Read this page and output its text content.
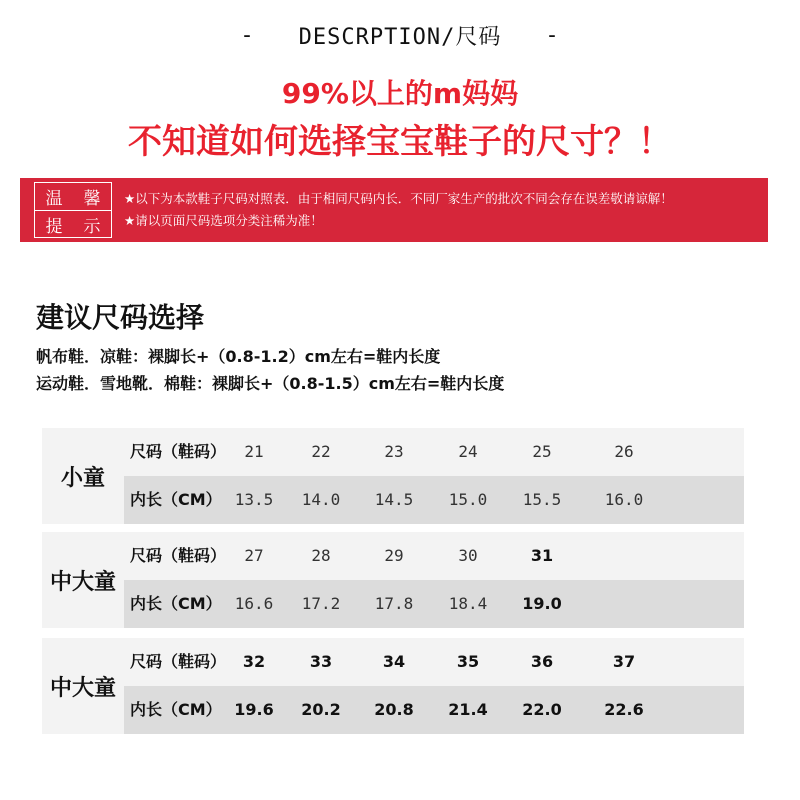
- DESCRPTION/尺码 -
99%以上的m妈妈
不知道如何选择宝宝鞋子的尺寸？！
温 馨
提 示
★以下为本款鞋子尺码对照表．由于相同尺码内长．不同厂家生产的批次不同会存在误差敬请谅解！
★请以页面尺码选项分类注稀为准！
建议尺码选择
帆布鞋．凉鞋：裸脚长+（0.8-1.2）cm左右=鞋内长度
运动鞋．雪地靴．棉鞋：裸脚长+（0.8-1.5）cm左右=鞋内长度
小童
尺码（鞋码）	21	22	23	24	25	26
内长（CM） 13.5	14.0	14.5	15.0	15.5	16.0
中大童
尺码（鞋码）	27	28	29	30	31
内长（CM） 16.6	17.2	17.8	18.4	19.0
中大童
尺码（鞋码）	32	33	34	35	36	37
内长（CM） 19.6	20.2	20.8	21.4	22.0	22.6
